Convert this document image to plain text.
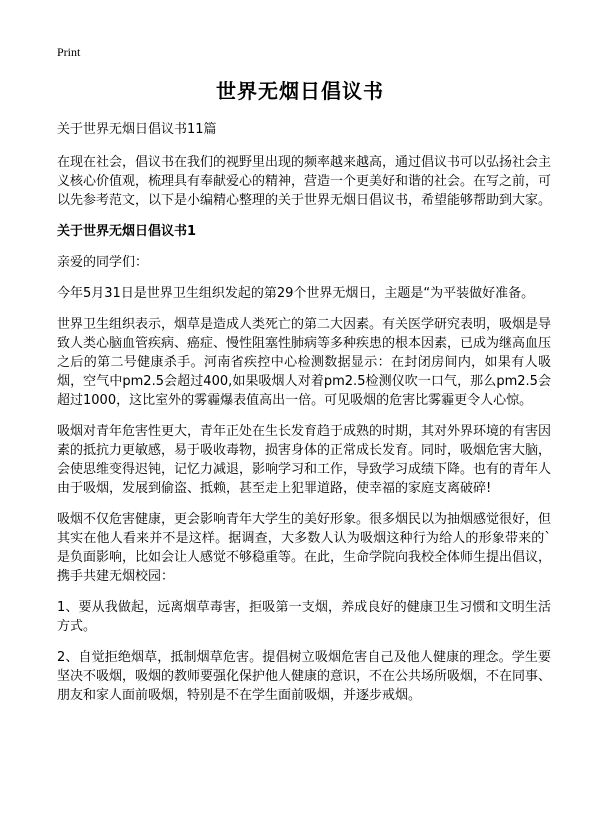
Print
世界无烟日倡议书

关于世界无烟日倡议书11篇

在现在社会，倡议书在我们的视野里出现的频率越来越高，通过倡议书可以弘扬社会主义核心价值观，梳理具有奉献爱心的精神，营造一个更美好和谐的社会。在写之前，可以先参考范文，以下是小编精心整理的关于世界无烟日倡议书，希望能够帮助到大家。

关于世界无烟日倡议书1

亲爱的同学们：

今年5月31日是世界卫生组织发起的第29个世界无烟日，主题是“为平装做好准备。

世界卫生组织表示，烟草是造成人类死亡的第二大因素。有关医学研究表明，吸烟是导致人类心脑血管疾病、癌症、慢性阻塞性肺病等多种疾患的根本因素，已成为继高血压之后的第二号健康杀手。河南省疾控中心检测数据显示：在封闭房间内，如果有人吸烟，空气中pm2.5会超过400,如果吸烟人对着pm2.5检测仪吹一口气，那么pm2.5会超过1000，这比室外的雾霾爆表值高出一倍。可见吸烟的危害比雾霾更令人心惊。

吸烟对青年危害性更大，青年正处在生长发育趋于成熟的时期，其对外界环境的有害因素的抵抗力更敏感，易于吸收毒物，损害身体的正常成长发育。同时，吸烟危害大脑，会使思维变得迟钝，记忆力减退，影响学习和工作，导致学习成绩下降。也有的青年人由于吸烟，发展到偷盗、抵赖，甚至走上犯罪道路，使幸福的家庭支离破碎!

吸烟不仅危害健康，更会影响青年大学生的美好形象。很多烟民以为抽烟感觉很好，但其实在他人看来并不是这样。据调查，大多数人认为吸烟这种行为给人的形象带来的`是负面影响，比如会让人感觉不够稳重等。在此，生命学院向我校全体师生提出倡议，携手共建无烟校园：

1、要从我做起，远离烟草毒害，拒吸第一支烟，养成良好的健康卫生习惯和文明生活方式。

2、自觉拒绝烟草，抵制烟草危害。提倡树立吸烟危害自己及他人健康的理念。学生要坚决不吸烟，吸烟的教师要强化保护他人健康的意识，不在公共场所吸烟，不在同事、朋友和家人面前吸烟，特别是不在学生面前吸烟，并逐步戒烟。
